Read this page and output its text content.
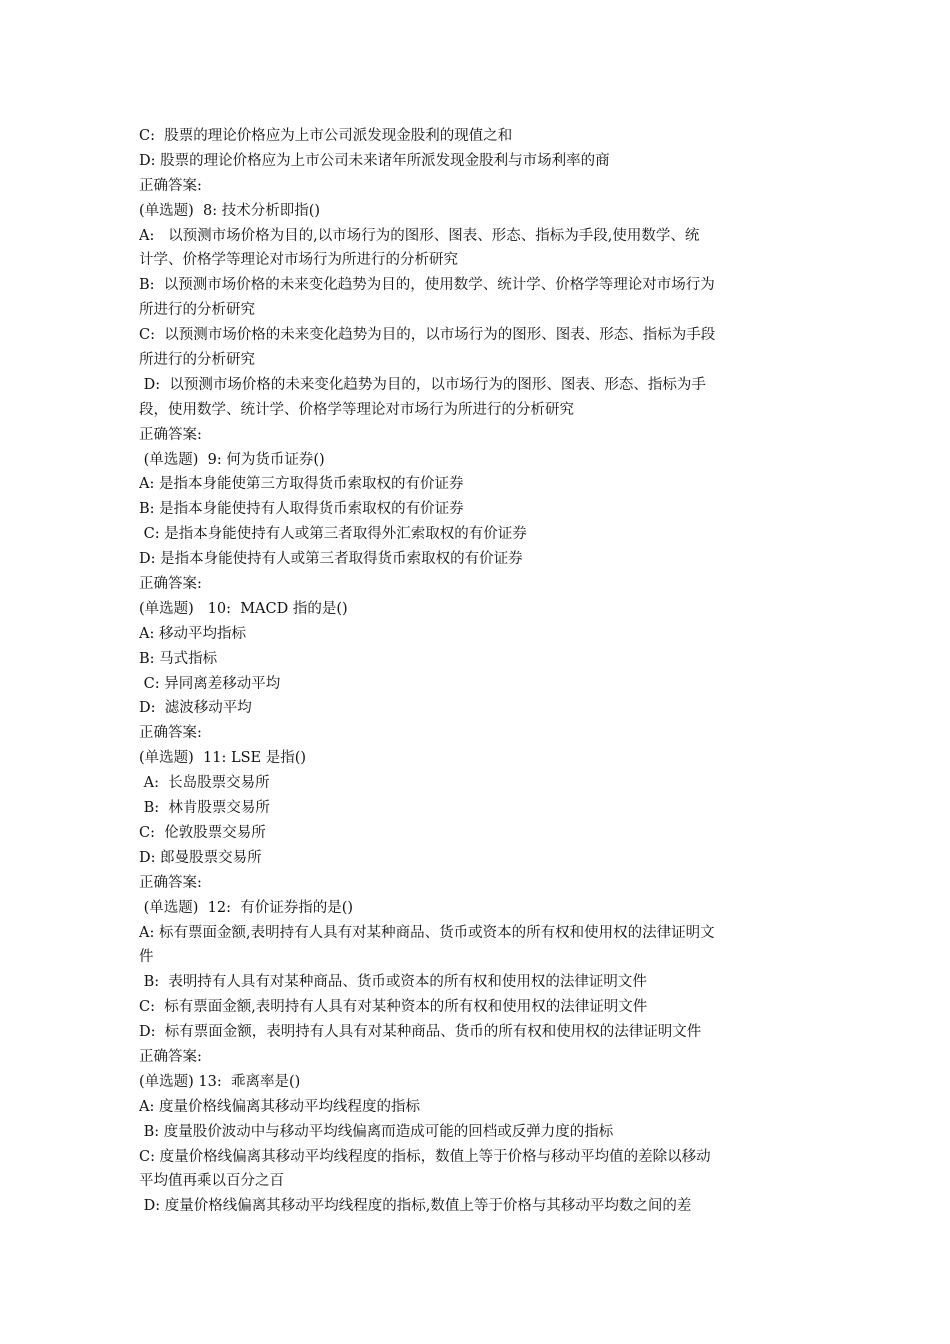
C:  股票的理论价格应为上市公司派发现金股利的现值之和
D: 股票的理论价格应为上市公司未来诸年所派发现金股利与市场利率的商
正确答案:
(单选题)  8: 技术分析即指()
A:   以预测市场价格为目的,以市场行为的图形、图表、形态、指标为手段,使用数学、统
计学、价格学等理论对市场行为所进行的分析研究
B:  以预测市场价格的未来变化趋势为目的，使用数学、统计学、价格学等理论对市场行为
所进行的分析研究
C:  以预测市场价格的未来变化趋势为目的，以市场行为的图形、图表、形态、指标为手段
所进行的分析研究
D:  以预测市场价格的未来变化趋势为目的，以市场行为的图形、图表、形态、指标为手
段，使用数学、统计学、价格学等理论对市场行为所进行的分析研究
正确答案:
(单选题)  9: 何为货币证券()
A: 是指本身能使第三方取得货币索取权的有价证券
B: 是指本身能使持有人取得货币索取权的有价证券
C: 是指本身能使持有人或第三者取得外汇索取权的有价证券
D: 是指本身能使持有人或第三者取得货币索取权的有价证券
正确答案:
(单选题)   10:  MACD 指的是()
A: 移动平均指标
B: 马式指标
C: 异同离差移动平均
D:  滤波移动平均
正确答案:
(单选题)  11: LSE 是指()
A:  长岛股票交易所
B:  林肯股票交易所
C:  伦敦股票交易所
D: 郎曼股票交易所
正确答案:
(单选题)  12:  有价证券指的是()
A: 标有票面金额,表明持有人具有对某种商品、货币或资本的所有权和使用权的法律证明文
件
B:  表明持有人具有对某种商品、货币或资本的所有权和使用权的法律证明文件
C:  标有票面金额,表明持有人具有对某种资本的所有权和使用权的法律证明文件
D:  标有票面金额，表明持有人具有对某种商品、货币的所有权和使用权的法律证明文件
正确答案:
(单选题) 13:  乖离率是()
A: 度量价格线偏离其移动平均线程度的指标
B: 度量股价波动中与移动平均线偏离而造成可能的回档或反弹力度的指标
C: 度量价格线偏离其移动平均线程度的指标，数值上等于价格与移动平均值的差除以移动
平均值再乘以百分之百
D: 度量价格线偏离其移动平均线程度的指标,数值上等于价格与其移动平均数之间的差
